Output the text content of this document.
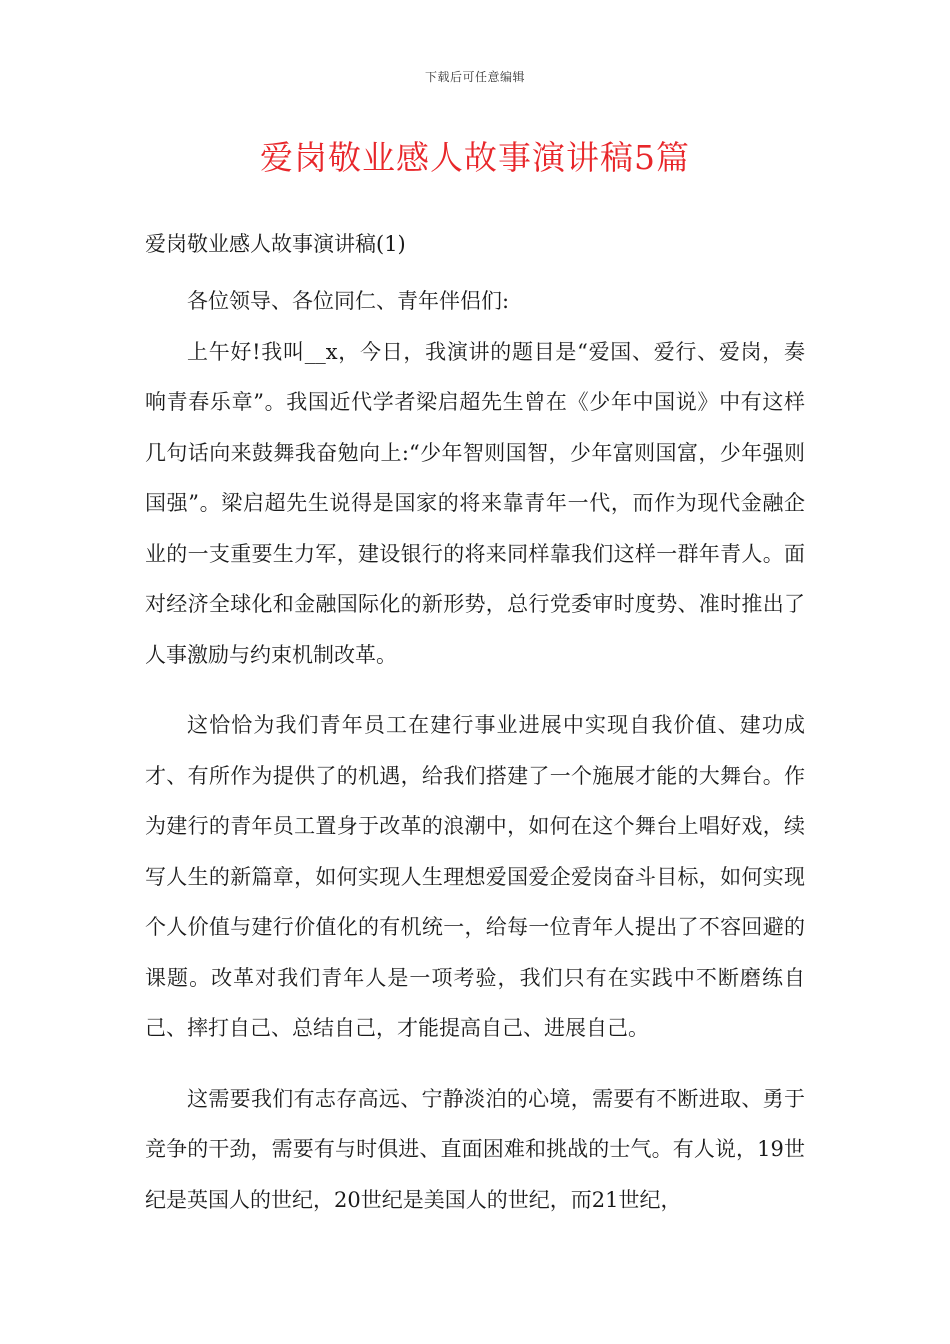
下载后可任意编辑
爱岗敬业感人故事演讲稿5篇
爱岗敬业感人故事演讲稿(1)

各位领导、各位同仁、青年伴侣们:

上午好!我叫__x，今日，我演讲的题目是“爱国、爱行、爱岗，奏响青春乐章”。我国近代学者梁启超先生曾在《少年中国说》中有这样几句话向来鼓舞我奋勉向上:“少年智则国智，少年富则国富，少年强则国强”。梁启超先生说得是国家的将来靠青年一代，而作为现代金融企业的一支重要生力军，建设银行的将来同样靠我们这样一群年青人。面对经济全球化和金融国际化的新形势，总行党委审时度势、准时推出了人事激励与约束机制改革。

这恰恰为我们青年员工在建行事业进展中实现自我价值、建功成才、有所作为提供了的机遇，给我们搭建了一个施展才能的大舞台。作为建行的青年员工置身于改革的浪潮中，如何在这个舞台上唱好戏，续写人生的新篇章，如何实现人生理想爱国爱企爱岗奋斗目标，如何实现个人价值与建行价值化的有机统一，给每一位青年人提出了不容回避的课题。改革对我们青年人是一项考验，我们只有在实践中不断磨练自己、摔打自己、总结自己，才能提高自己、进展自己。

这需要我们有志存高远、宁静淡泊的心境，需要有不断进取、勇于竞争的干劲，需要有与时俱进、直面困难和挑战的士气。有人说，19世纪是英国人的世纪，20世纪是美国人的世纪，而21世纪，
